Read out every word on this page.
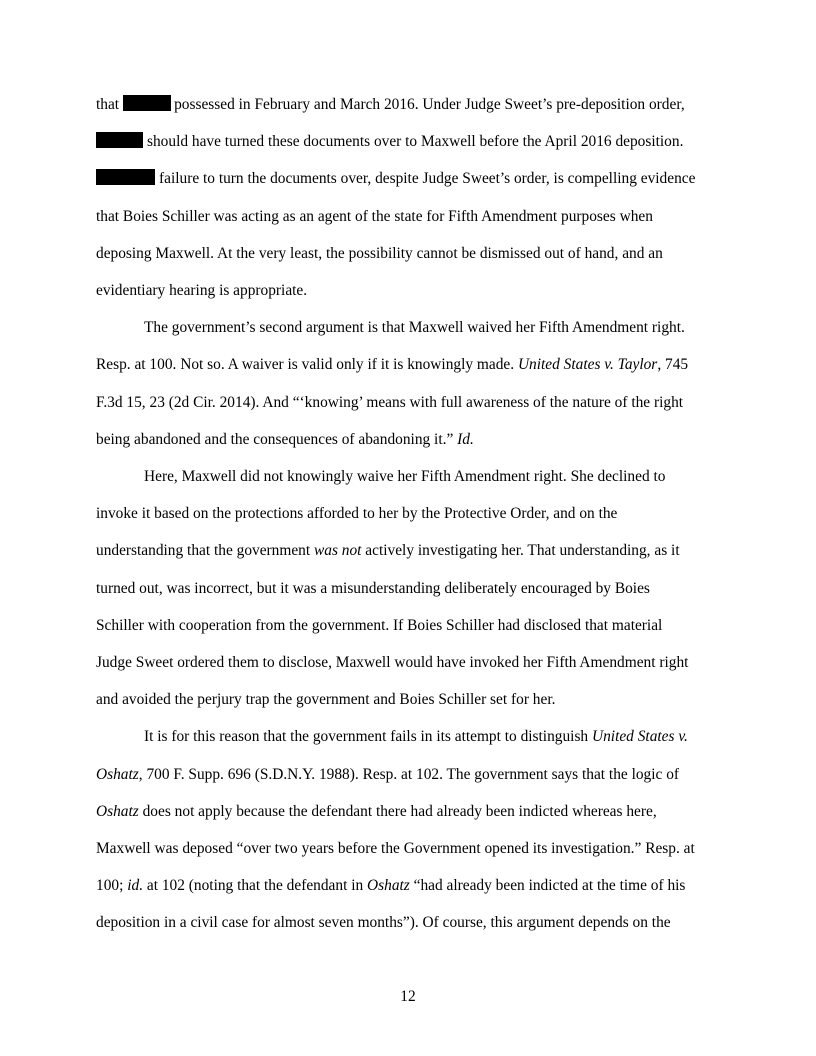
that	possessed in February and March 2016. Under Judge Sweet’s pre-deposition order,
should have turned these documents over to Maxwell before the April 2016 deposition.
failure to turn the documents over, despite Judge Sweet’s order, is compelling evidence
that Boies Schiller was acting as an agent of the state for Fifth Amendment purposes when
deposing Maxwell. At the very least, the possibility cannot be dismissed out of hand, and an
evidentiary hearing is appropriate.

The government’s second argument is that Maxwell waived her Fifth Amendment right.
Resp. at 100. Not so. A waiver is valid only if it is knowingly made. United States v. Taylor, 745
F.3d 15, 23 (2d Cir. 2014). And “‘knowing’ means with full awareness of the nature of the right
being abandoned and the consequences of abandoning it.” Id.

Here, Maxwell did not knowingly waive her Fifth Amendment right. She declined to
invoke it based on the protections afforded to her by the Protective Order, and on the
understanding that the government was not actively investigating her. That understanding, as it
turned out, was incorrect, but it was a misunderstanding deliberately encouraged by Boies
Schiller with cooperation from the government. If Boies Schiller had disclosed that material
Judge Sweet ordered them to disclose, Maxwell would have invoked her Fifth Amendment right
and avoided the perjury trap the government and Boies Schiller set for her.

It is for this reason that the government fails in its attempt to distinguish United States v.
Oshatz, 700 F. Supp. 696 (S.D.N.Y. 1988). Resp. at 102. The government says that the logic of
Oshatz does not apply because the defendant there had already been indicted whereas here,
Maxwell was deposed “over two years before the Government opened its investigation.” Resp. at
100; id. at 102 (noting that the defendant in Oshatz “had already been indicted at the time of his
deposition in a civil case for almost seven months”). Of course, this argument depends on the

12
